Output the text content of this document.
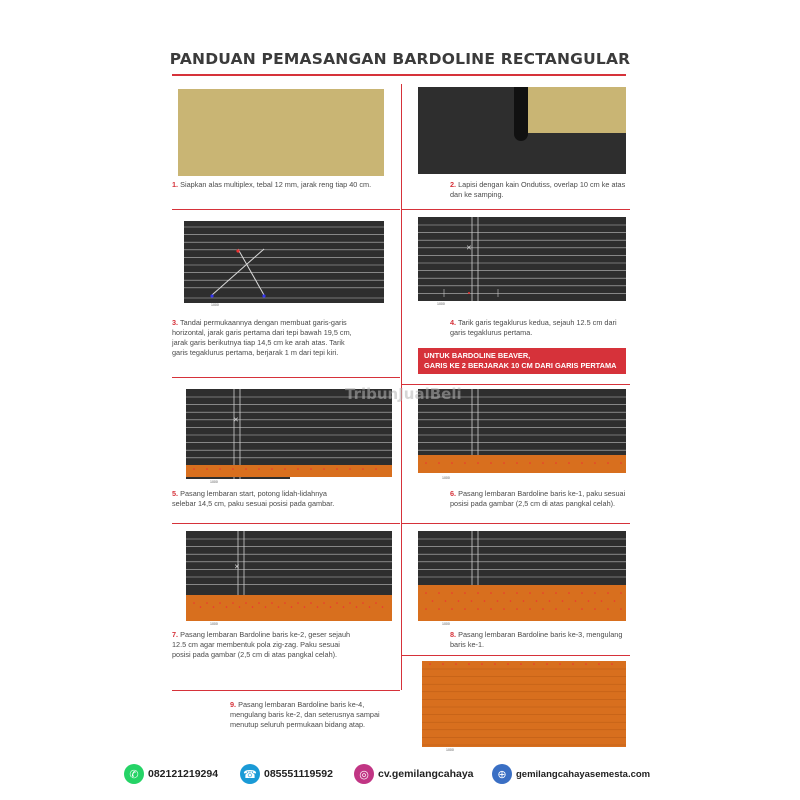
PANDUAN PEMASANGAN BARDOLINE RECTANGULAR
1. Siapkan alas multiplex, tebal 12 mm, jarak reng tiap 40 cm.	2. Lapisi dengan kain Ondutiss, overlap 10 cm ke atas dan ke samping.
1000
3. Tandai permukaannya dengan membuat garis-garis horizontal, jarak garis pertama dari tepi bawah 19,5 cm, jarak garis berikutnya tiap 14,5 cm ke arah atas. Tarik garis tegaklurus pertama, berjarak 1 m dari tepi kiri.
✕
1000
4. Tarik garis tegaklurus kedua, sejauh 12.5 cm dari garis tegaklurus pertama.
UNTUK BARDOLINE BEAVER,
GARIS KE 2 BERJARAK 10 CM DARI GARIS PERTAMA
✕
1000
5. Pasang lembaran start, potong lidah-lidahnya selebar 14,5 cm, paku sesuai posisi pada gambar.
1000
6. Pasang lembaran Bardoline baris ke-1, paku sesuai posisi pada gambar (2,5 cm di atas pangkal celah).
✕
1000
7. Pasang lembaran Bardoline baris ke-2, geser sejauh 12.5 cm agar membentuk pola zig-zag. Paku sesuai posisi pada gambar (2,5 cm di atas pangkal celah).
1000
8. Pasang lembaran Bardoline baris ke-3, mengulang baris ke-1.
1000
9. Pasang lembaran Bardoline baris ke-4, mengulang baris ke-2, dan seterusnya sampai menutup seluruh permukaan bidang atap.
TribunJualBeli
✆ 082121219294 ☎ 085551119592	◎ cv.gemilangcahaya	⊕ gemilangcahayasemesta.com
